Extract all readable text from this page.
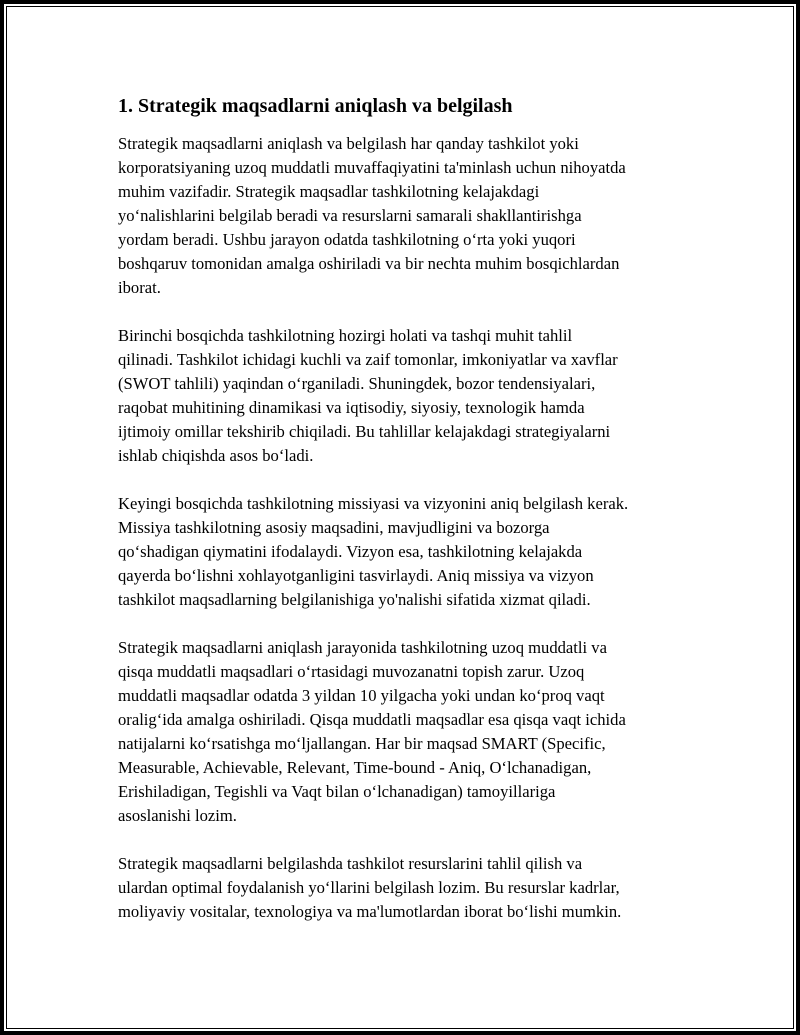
1. Strategik maqsadlarni aniqlash va belgilash

Strategik maqsadlarni aniqlash va belgilash har qanday tashkilot yoki
korporatsiyaning uzoq muddatli muvaffaqiyatini ta'minlash uchun nihoyatda
muhim vazifadir. Strategik maqsadlar tashkilotning kelajakdagi
yo‘nalishlarini belgilab beradi va resurslarni samarali shakllantirishga
yordam beradi. Ushbu jarayon odatda tashkilotning o‘rta yoki yuqori
boshqaruv tomonidan amalga oshiriladi va bir nechta muhim bosqichlardan
iborat.

Birinchi bosqichda tashkilotning hozirgi holati va tashqi muhit tahlil
qilinadi. Tashkilot ichidagi kuchli va zaif tomonlar, imkoniyatlar va xavflar
(SWOT tahlili) yaqindan o‘rganiladi. Shuningdek, bozor tendensiyalari,
raqobat muhitining dinamikasi va iqtisodiy, siyosiy, texnologik hamda
ijtimoiy omillar tekshirib chiqiladi. Bu tahlillar kelajakdagi strategiyalarni
ishlab chiqishda asos bo‘ladi.

Keyingi bosqichda tashkilotning missiyasi va vizyonini aniq belgilash kerak.
Missiya tashkilotning asosiy maqsadini, mavjudligini va bozorga
qo‘shadigan qiymatini ifodalaydi. Vizyon esa, tashkilotning kelajakda
qayerda bo‘lishni xohlayotganligini tasvirlaydi. Aniq missiya va vizyon
tashkilot maqsadlarning belgilanishiga yo'nalishi sifatida xizmat qiladi.

Strategik maqsadlarni aniqlash jarayonida tashkilotning uzoq muddatli va
qisqa muddatli maqsadlari o‘rtasidagi muvozanatni topish zarur. Uzoq
muddatli maqsadlar odatda 3 yildan 10 yilgacha yoki undan ko‘proq vaqt
oralig‘ida amalga oshiriladi. Qisqa muddatli maqsadlar esa qisqa vaqt ichida
natijalarni ko‘rsatishga mo‘ljallangan. Har bir maqsad SMART (Specific,
Measurable, Achievable, Relevant, Time-bound - Aniq, O‘lchanadigan,
Erishiladigan, Tegishli va Vaqt bilan o‘lchanadigan) tamoyillariga
asoslanishi lozim.

Strategik maqsadlarni belgilashda tashkilot resurslarini tahlil qilish va
ulardan optimal foydalanish yo‘llarini belgilash lozim. Bu resurslar kadrlar,
moliyaviy vositalar, texnologiya va ma'lumotlardan iborat bo‘lishi mumkin.
